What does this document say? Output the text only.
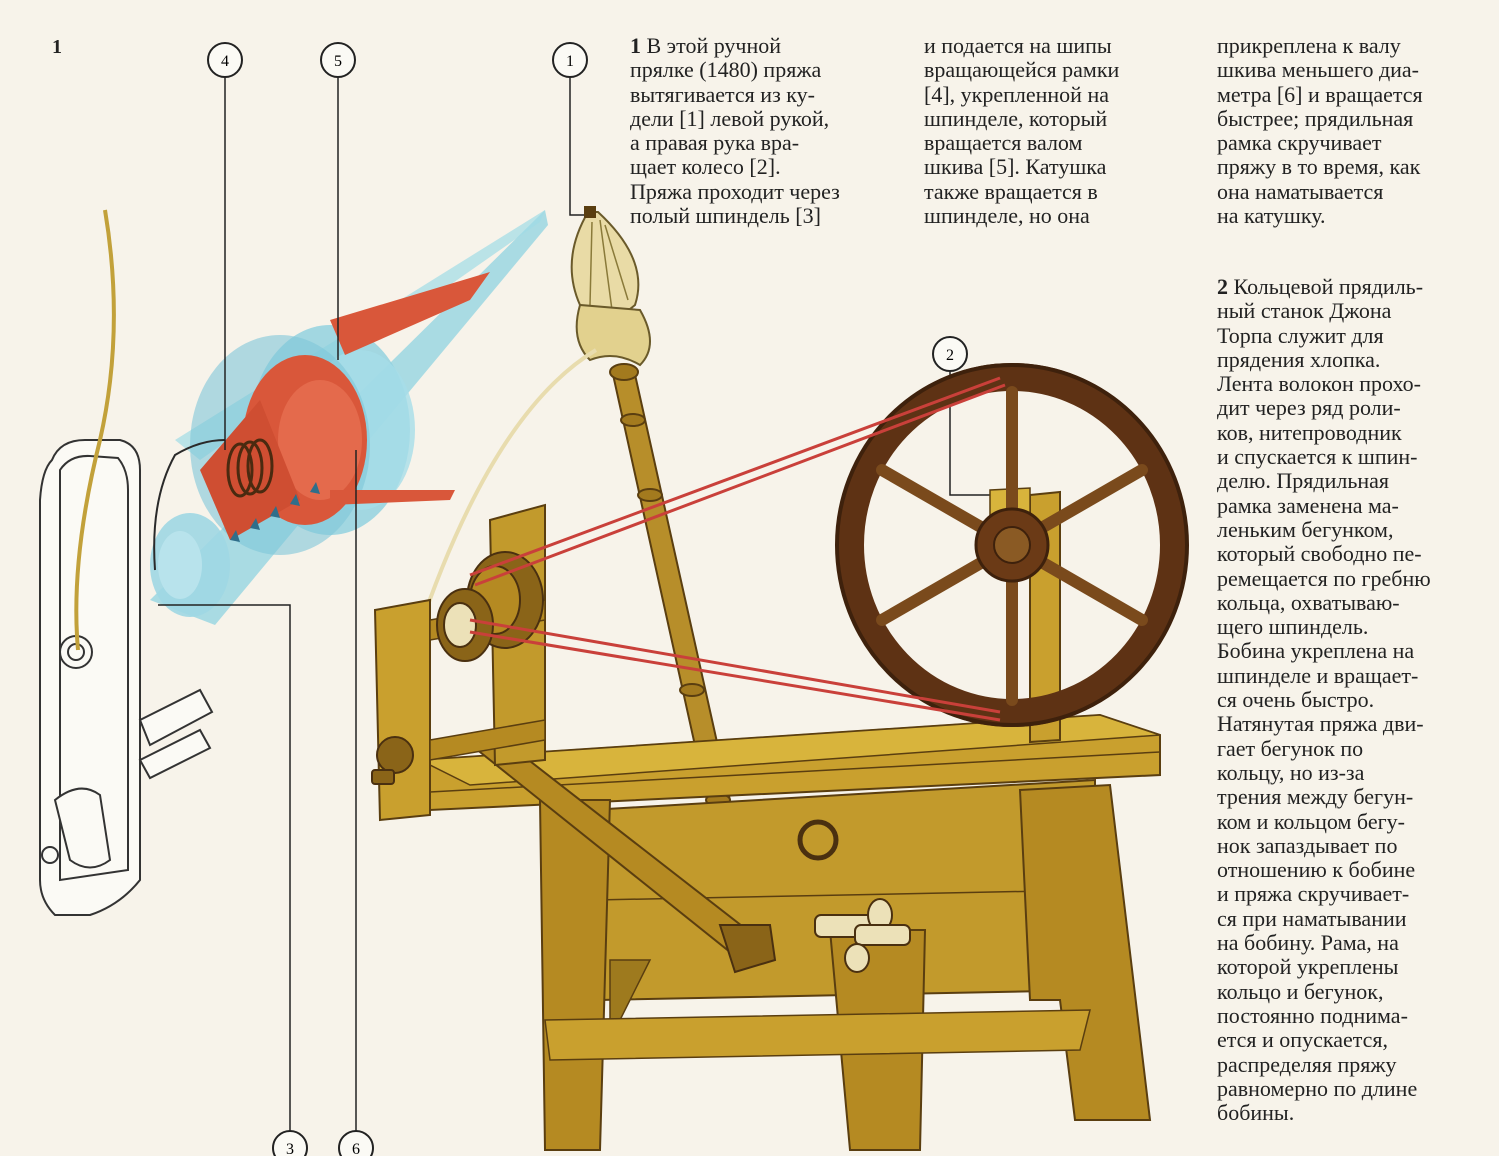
1
1
2
3
4	5
6
1 В этой ручной
прялке (1480) пряжа
вытягивается из ку-
дели [1] левой рукой,
а правая рука вра-
щает колесо [2].
Пряжа проходит через
полый шпиндель [3]
и подается на шипы
вращающейся рамки
[4], укрепленной на
шпинделе, который
вращается валом
шкива [5]. Катушка
также вращается в
шпинделе, но она
прикреплена к валу
шкива меньшего диа-
метра [6] и вращается
быстрее; прядильная
рамка скручивает
пряжу в то время, как
она наматывается
на катушку.
2 Кольцевой прядиль-
ный станок Джона
Торпа служит для
прядения хлопка.
Лента волокон прохо-
дит через ряд роли-
ков, нитепроводник
и спускается к шпин-
делю. Прядильная
рамка заменена ма-
леньким бегунком,
который свободно пе-
ремещается по гребню
кольца, охватываю-
щего шпиндель.
Бобина укреплена на
шпинделе и вращает-
ся очень быстро.
Натянутая пряжа дви-
гает бегунок по
кольцу, но из-за
трения между бегун-
ком и кольцом бегу-
нок запаздывает по
отношению к бобине
и пряжа скручивает-
ся при наматывании
на бобину. Рама, на
которой укреплены
кольцо и бегунок,
постоянно поднима-
ется и опускается,
распределяя пряжу
равномерно по длине
бобины.
